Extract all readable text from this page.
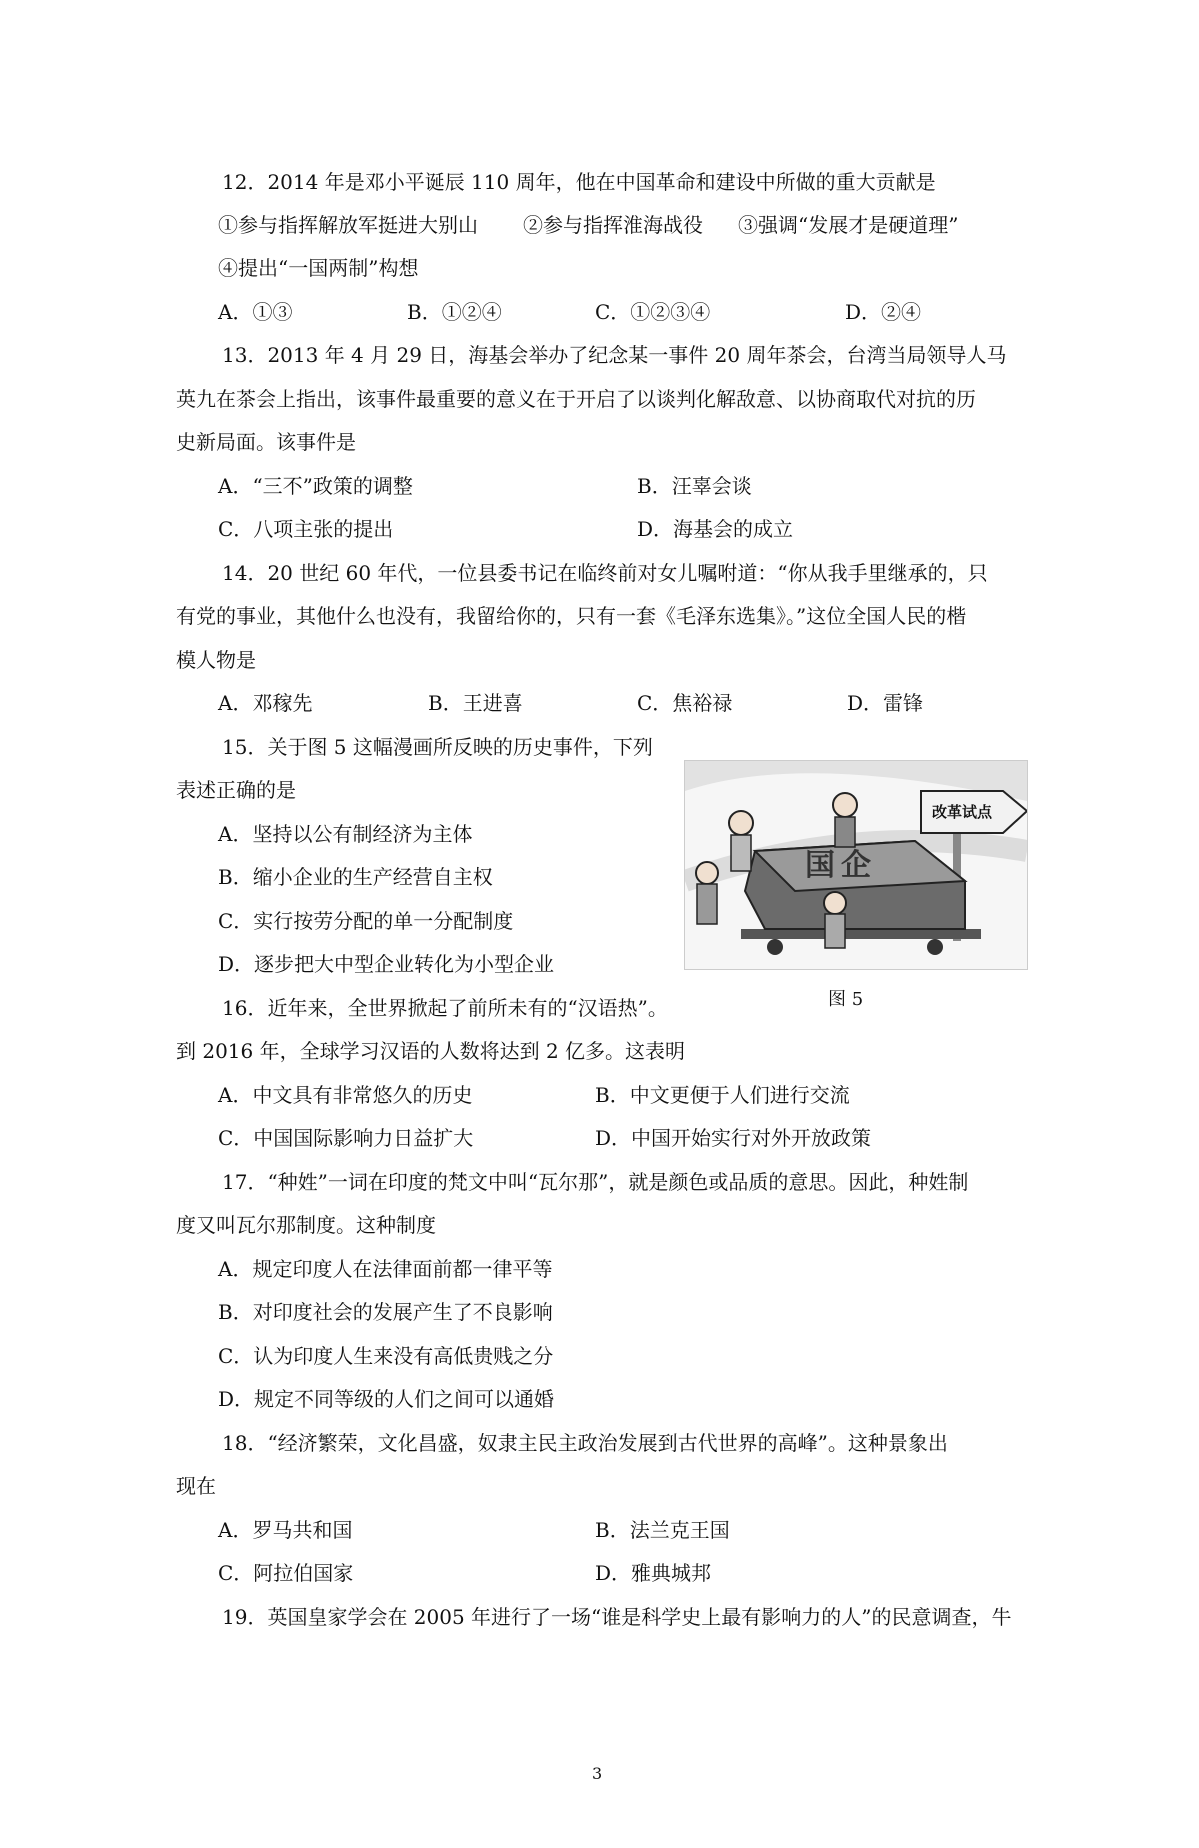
12．2014 年是邓小平诞辰 110 周年，他在中国革命和建设中所做的重大贡献是
①参与指挥解放军挺进大别山 ②参与指挥淮海战役 ③强调“发展才是硬道理”
④提出“一国两制”构想
A．①③	B．①②④	C．①②③④	D．②④
13．2013 年 4 月 29 日，海基会举办了纪念某一事件 20 周年茶会，台湾当局领导人马
英九在茶会上指出，该事件最重要的意义在于开启了以谈判化解敌意、以协商取代对抗的历
史新局面。该事件是
A．“三不”政策的调整	B．汪辜会谈
C．八项主张的提出	D．海基会的成立
14．20 世纪 60 年代，一位县委书记在临终前对女儿嘱咐道：“你从我手里继承的，只
有党的事业，其他什么也没有，我留给你的，只有一套《毛泽东选集》。”这位全国人民的楷
模人物是
A．邓稼先	B．王进喜	C．焦裕禄	D．雷锋
15．关于图 5 这幅漫画所反映的历史事件，下列
表述正确的是
A．坚持以公有制经济为主体
B．缩小企业的生产经营自主权
C．实行按劳分配的单一分配制度
D．逐步把大中型企业转化为小型企业
改革试点
国企
图 5
16．近年来，全世界掀起了前所未有的“汉语热”。
到 2016 年，全球学习汉语的人数将达到 2 亿多。这表明
A．中文具有非常悠久的历史	B．中文更便于人们进行交流
C．中国国际影响力日益扩大	D．中国开始实行对外开放政策
17．“种姓”一词在印度的梵文中叫“瓦尔那”，就是颜色或品质的意思。因此，种姓制
度又叫瓦尔那制度。这种制度
A．规定印度人在法律面前都一律平等
B．对印度社会的发展产生了不良影响
C．认为印度人生来没有高低贵贱之分
D．规定不同等级的人们之间可以通婚
18．“经济繁荣，文化昌盛，奴隶主民主政治发展到古代世界的高峰”。这种景象出
现在
A．罗马共和国	B．法兰克王国
C．阿拉伯国家	D．雅典城邦
19．英国皇家学会在 2005 年进行了一场“谁是科学史上最有影响力的人”的民意调查，牛
3
